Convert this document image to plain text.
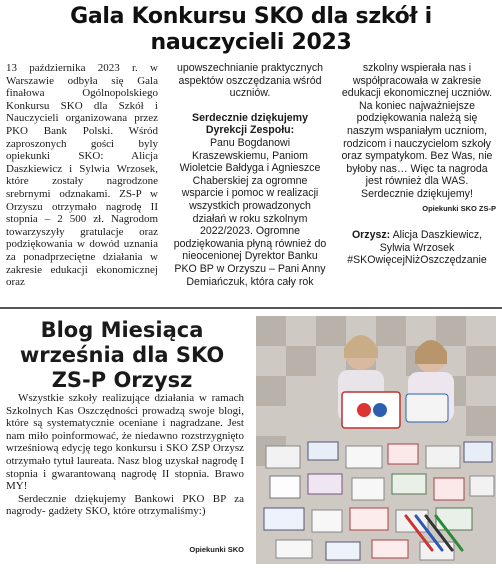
Gala Konkursu SKO dla szkół i nauczycieli 2023

13 października 2023 r. w Warszawie odbyła się Gala finałowa Ogólnopolskiego Konkursu SKO dla Szkół i Nauczycieli organizowana przez PKO Bank Polski. Wśród zaproszonych gości byly opiekunki SKO: Alicja Daszkiewicz i Sylwia Wrzosek, które zostały nagrodzone srebrnymi odznakami. ZS-P w Orzyszu otrzymało nagrodę II stopnia – 2 500 zł. Nagrodom towarzyszyły gratulacje oraz podziękowania w dowód uznania za ponadprzeciętne działania w zakresie edukacji ekonomicznej oraz

upowszechnianie praktycznych aspektów oszczędzania wśród uczniów.

Serdecznie dziękujemy

Dyrekcji Zespołu:

Panu Bogdanowi Kraszewskiemu, Paniom Wioletcie Bałdyga i Agnieszce Chaberskiej za ogromne wsparcie i pomoc w realizacji wszystkich prowadzonych działań w roku szkolnym 2022/2023. Ogromne podziękowania płyną również do nieocenionej Dyrektor Banku PKO BP w Orzyszu – Pani Anny Demiańczuk, która cały rok

szkolny wspierała nas i współpracowała w zakresie edukacji ekonomicznej uczniów. Na koniec najważniejsze podziękowania należą się naszym wspaniałym uczniom, rodzicom i nauczycielom szkoły oraz sympatykom. Bez Was, nie byłoby nas… Więc ta nagroda jest również dla WAS. Serdecznie dziękujemy!

Opiekunki SKO ZS-P

Orzysz: Alicja Daszkiewicz, Sylwia Wrzosek

#SKOwięcejNiżOszczędzanie

Blog Miesiąca września dla SKO ZS-P Orzysz

Wszystkie szkoły realizujące działania w ramach Szkolnych Kas Oszczędności prowadzą swoje blogi, które są systematycznie oceniane i nagradzane. Jest nam miło poinformować, że niedawno rozstrzygnięto wrześniową edycję tego konkursu i SKO ZSP Orzysz otrzymało tytuł laureata. Nasz blog uzyskał nagrodę I stopnia i gwarantowaną nagrodę II stopnia. Brawo MY!

Serdecznie dziękujemy Bankowi PKO BP za nagrody- gadżety SKO, które otrzymaliśmy:)

Opiekunki SKO
